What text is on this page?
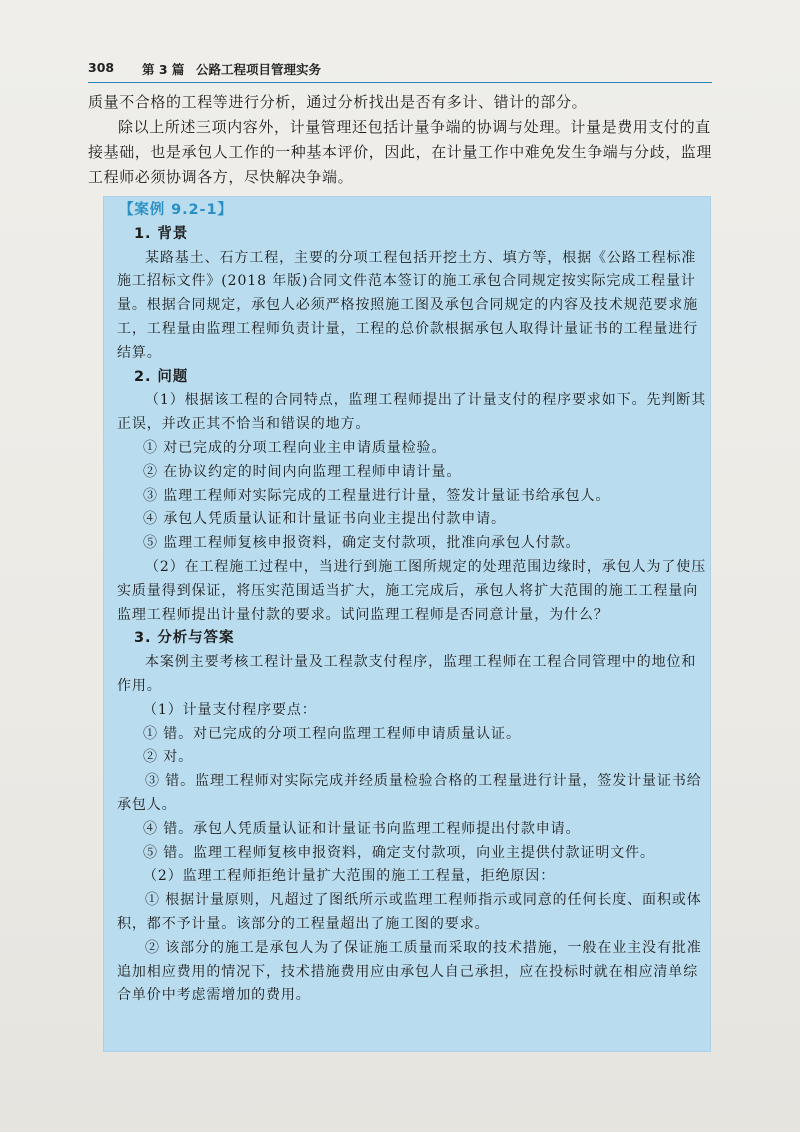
308 第 3 篇 公路工程项目管理实务

质量不合格的工程等进行分析，通过分析找出是否有多计、错计的部分。

除以上所述三项内容外，计量管理还包括计量争端的协调与处理。计量是费用支付的直接基础，也是承包人工作的一种基本评价，因此，在计量工作中难免发生争端与分歧，监理工程师必须协调各方，尽快解决争端。

【案例 9.2-1】

1. 背景

某路基土、石方工程，主要的分项工程包括开挖土方、填方等，根据《公路工程标准施工招标文件》(2018 年版)合同文件范本签订的施工承包合同规定按实际完成工程量计量。根据合同规定，承包人必须严格按照施工图及承包合同规定的内容及技术规范要求施工，工程量由监理工程师负责计量，工程的总价款根据承包人取得计量证书的工程量进行结算。

2. 问题

（1）根据该工程的合同特点，监理工程师提出了计量支付的程序要求如下。先判断其正误，并改正其不恰当和错误的地方。

① 对已完成的分项工程向业主申请质量检验。

② 在协议约定的时间内向监理工程师申请计量。

③ 监理工程师对实际完成的工程量进行计量，签发计量证书给承包人。

④ 承包人凭质量认证和计量证书向业主提出付款申请。

⑤ 监理工程师复核申报资料，确定支付款项，批准向承包人付款。

（2）在工程施工过程中，当进行到施工图所规定的处理范围边缘时，承包人为了使压实质量得到保证，将压实范围适当扩大，施工完成后，承包人将扩大范围的施工工程量向监理工程师提出计量付款的要求。试问监理工程师是否同意计量，为什么？

3. 分析与答案

本案例主要考核工程计量及工程款支付程序，监理工程师在工程合同管理中的地位和作用。

（1）计量支付程序要点：

① 错。对已完成的分项工程向监理工程师申请质量认证。

② 对。

③ 错。监理工程师对实际完成并经质量检验合格的工程量进行计量，签发计量证书给承包人。

④ 错。承包人凭质量认证和计量证书向监理工程师提出付款申请。

⑤ 错。监理工程师复核申报资料，确定支付款项，向业主提供付款证明文件。

（2）监理工程师拒绝计量扩大范围的施工工程量，拒绝原因：

① 根据计量原则，凡超过了图纸所示或监理工程师指示或同意的任何长度、面积或体积，都不予计量。该部分的工程量超出了施工图的要求。

② 该部分的施工是承包人为了保证施工质量而采取的技术措施，一般在业主没有批准追加相应费用的情况下，技术措施费用应由承包人自己承担，应在投标时就在相应清单综合单价中考虑需增加的费用。
